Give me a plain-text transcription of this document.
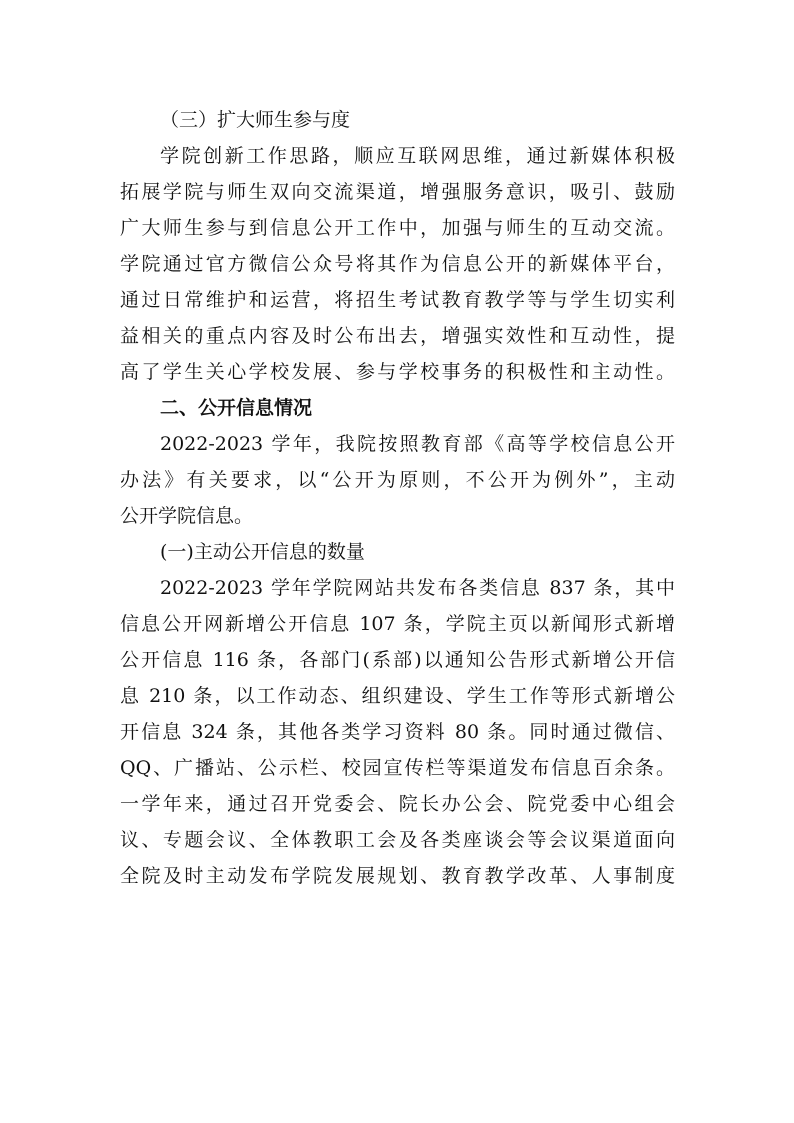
（三）扩大师生参与度
学院创新工作思路，顺应互联网思维，通过新媒体积极
拓展学院与师生双向交流渠道，增强服务意识，吸引、鼓励
广大师生参与到信息公开工作中，加强与师生的互动交流。
学院通过官方微信公众号将其作为信息公开的新媒体平台，
通过日常维护和运营，将招生考试教育教学等与学生切实利
益相关的重点内容及时公布出去，增强实效性和互动性，提
高了学生关心学校发展、参与学校事务的积极性和主动性。
二、公开信息情况
2022-2023 学年，我院按照教育部《高等学校信息公开
办法》有关要求，以“公开为原则，不公开为例外”，主动
公开学院信息。
(一)主动公开信息的数量
2022-2023 学年学院网站共发布各类信息 837 条，其中
信息公开网新增公开信息 107 条，学院主页以新闻形式新增
公开信息 116 条，各部门(系部)以通知公告形式新增公开信
息 210 条，以工作动态、组织建设、学生工作等形式新增公
开信息 324 条，其他各类学习资料 80 条。同时通过微信、
QQ、广播站、公示栏、校园宣传栏等渠道发布信息百余条。
一学年来，通过召开党委会、院长办公会、院党委中心组会
议、专题会议、全体教职工会及各类座谈会等会议渠道面向
全院及时主动发布学院发展规划、教育教学改革、人事制度
